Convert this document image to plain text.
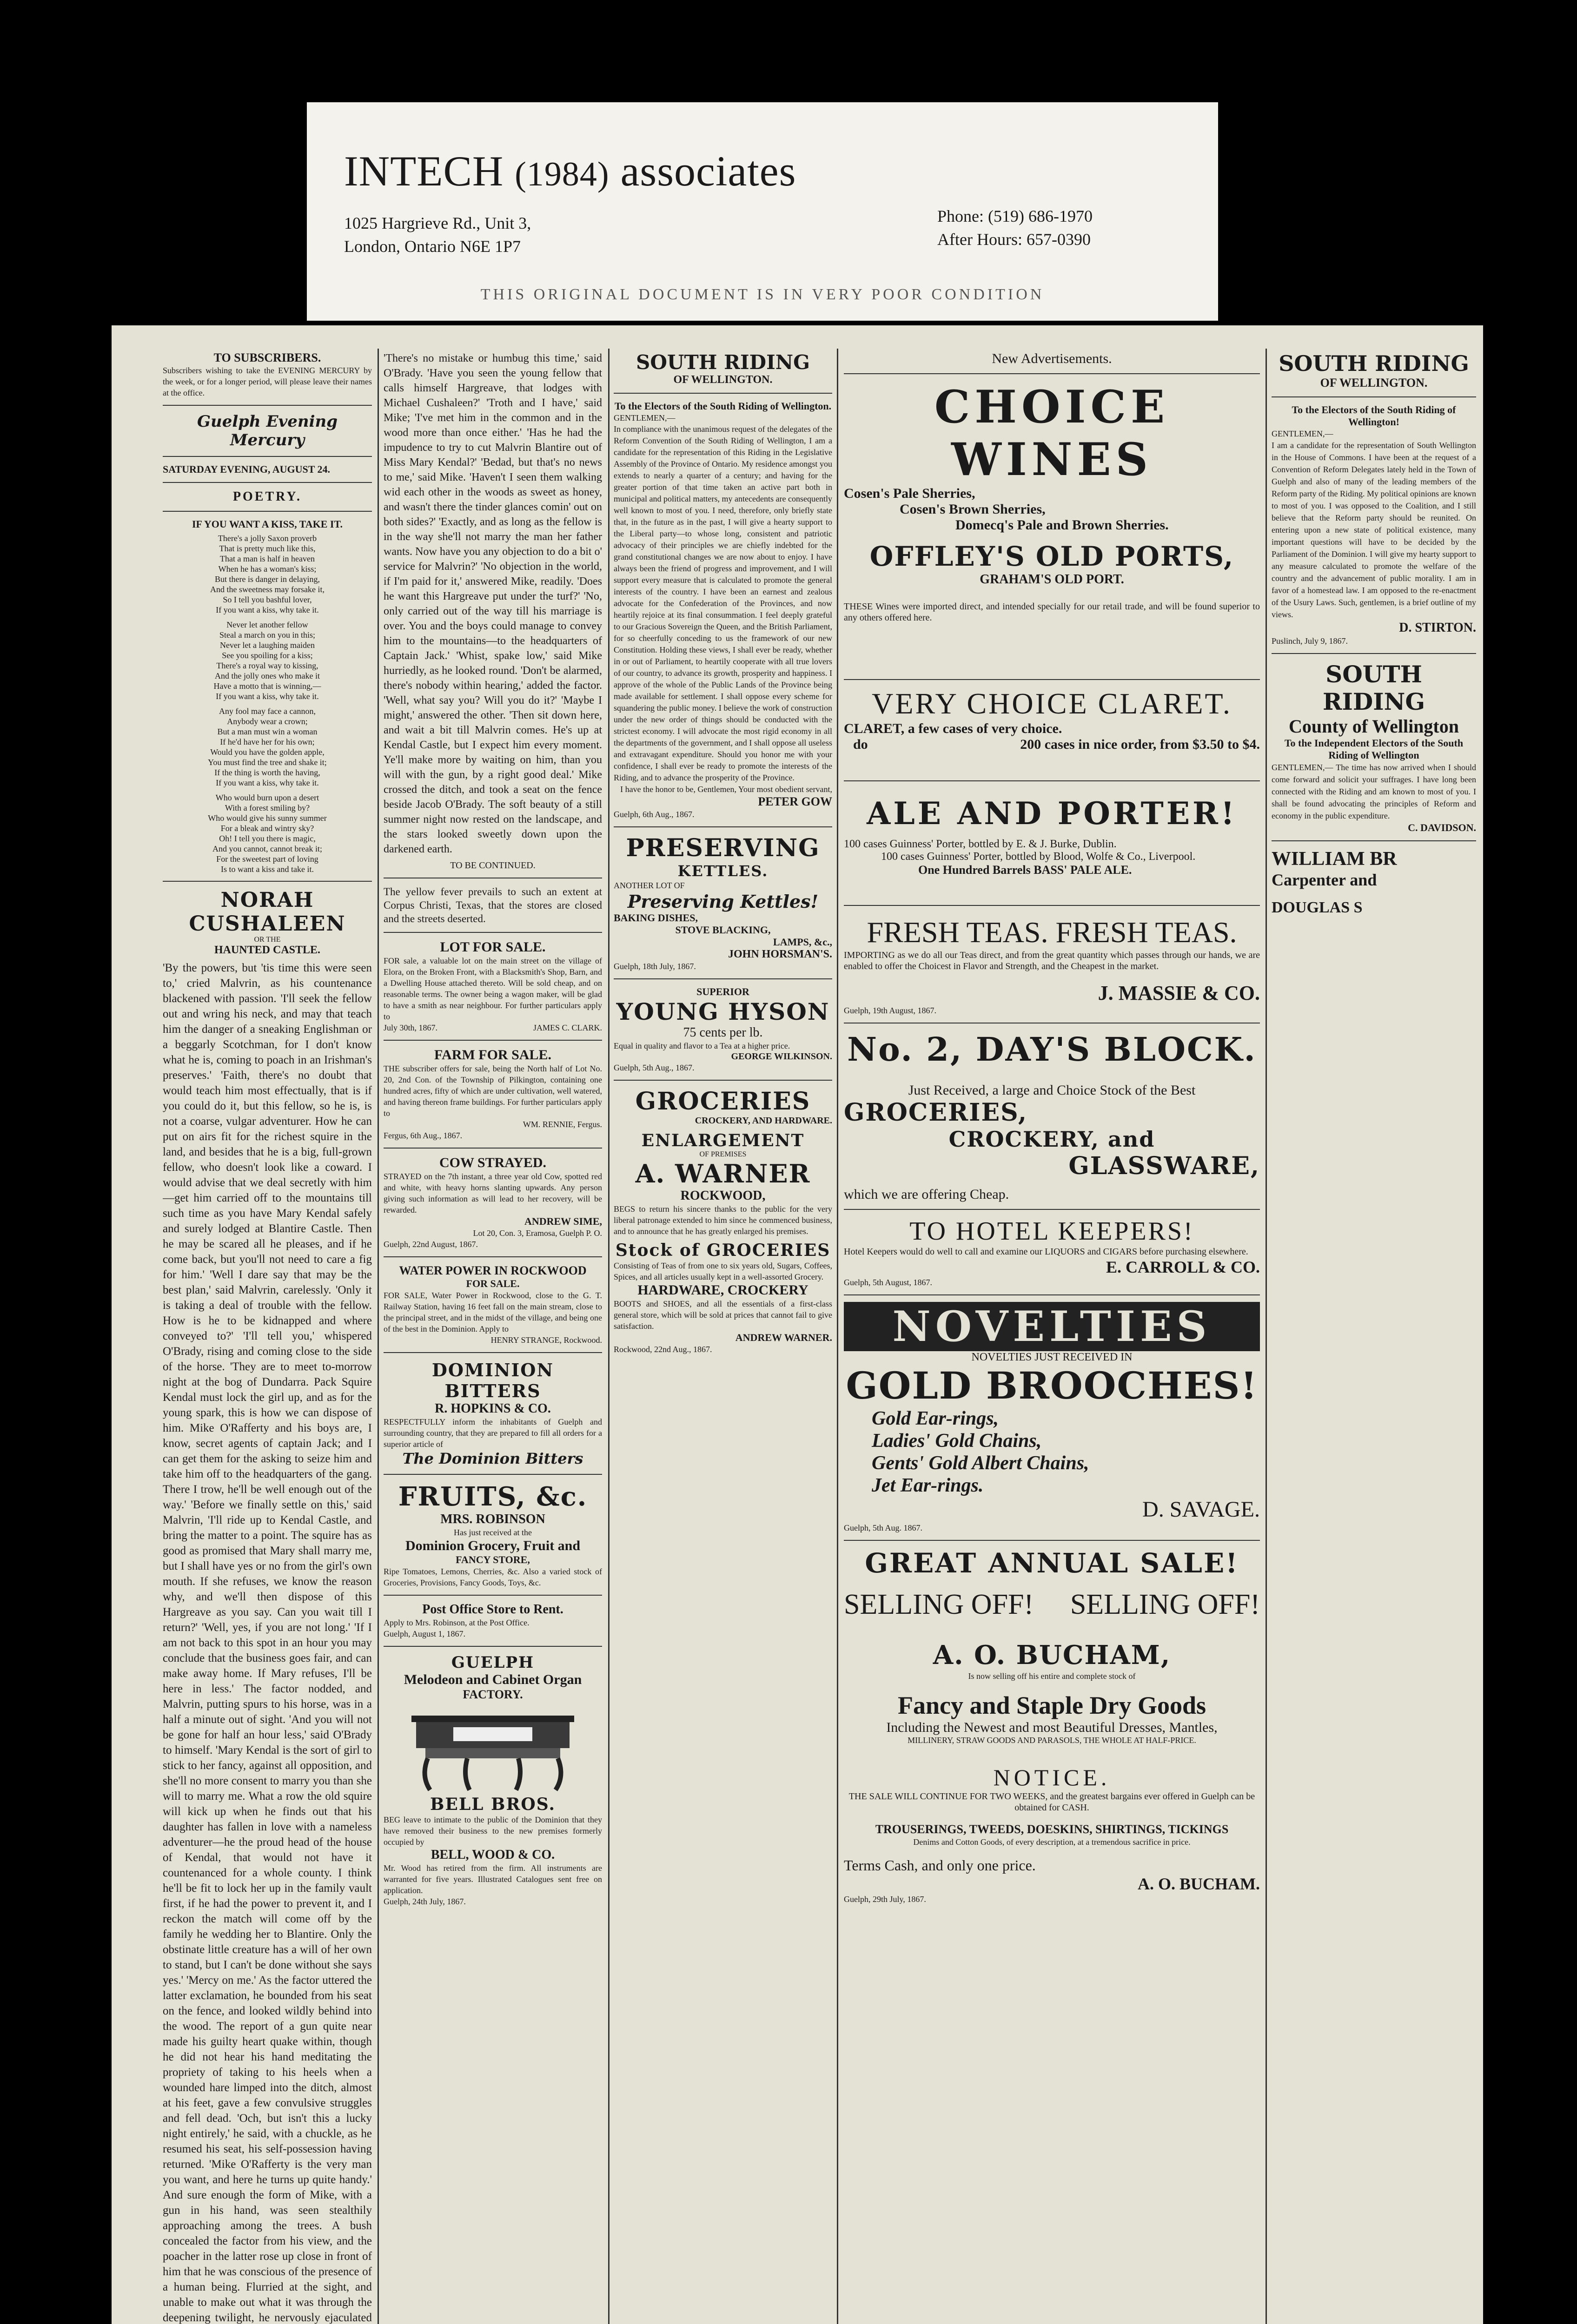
INTECH (1984) associates
1025 Hargrieve Rd., Unit 3,
London, Ontario N6E 1P7
Phone: (519) 686-1970
After Hours: 657-0390
THIS ORIGINAL DOCUMENT IS IN VERY POOR CONDITION
TO SUBSCRIBERS.
Subscribers wishing to take the EVENING MERCURY by the week, or for a longer period, will please leave their names at the office.
Guelph Evening Mercury
SATURDAY EVENING, AUGUST 24.
POETRY.
IF YOU WANT A KISS, TAKE IT.
There's a jolly Saxon proverb
That is pretty much like this,
That a man is half in heaven
When he has a woman's kiss;
But there is danger in delaying,
And the sweetness may forsake it,
So I tell you bashful lover,
If you want a kiss, why take it.
Never let another fellow
Steal a march on you in this;
Never let a laughing maiden
See you spoiling for a kiss;
There's a royal way to kissing,
And the jolly ones who make it
Have a motto that is winning,—
If you want a kiss, why take it.
Any fool may face a cannon,
Anybody wear a crown;
But a man must win a woman
If he'd have her for his own;
Would you have the golden apple,
You must find the tree and shake it;
If the thing is worth the having,
If you want a kiss, why take it.
Who would burn upon a desert
With a forest smiling by?
Who would give his sunny summer
For a bleak and wintry sky?
Oh! I tell you there is magic,
And you cannot, cannot break it;
For the sweetest part of loving
Is to want a kiss and take it.
NORAH CUSHALEEN
OR THE
HAUNTED CASTLE.
'By the powers, but 'tis time this were seen to,' cried Malvrin, as his countenance blackened with passion. 'I'll seek the fellow out and wring his neck, and may that teach him the danger of a sneaking Englishman or a beggarly Scotchman, for I don't know what he is, coming to poach in an Irishman's preserves.' 'Faith, there's no doubt that would teach him most effectually, that is if you could do it, but this fellow, so he is, is not a coarse, vulgar adventurer. How he can put on airs fit for the richest squire in the land, and besides that he is a big, full-grown fellow, who doesn't look like a coward. I would advise that we deal secretly with him—get him carried off to the mountains till such time as you have Mary Kendal safely and surely lodged at Blantire Castle. Then he may be scared all he pleases, and if he come back, but you'll not need to care a fig for him.' 'Well I dare say that may be the best plan,' said Malvrin, carelessly. 'Only it is taking a deal of trouble with the fellow. How is he to be kidnapped and where conveyed to?' 'I'll tell you,' whispered O'Brady, rising and coming close to the side of the horse. 'They are to meet to-morrow night at the bog of Dundarra. Pack Squire Kendal must lock the girl up, and as for the young spark, this is how we can dispose of him. Mike O'Rafferty and his boys are, I know, secret agents of captain Jack; and I can get them for the asking to seize him and take him off to the headquarters of the gang. There I trow, he'll be well enough out of the way.' 'Before we finally settle on this,' said Malvrin, 'I'll ride up to Kendal Castle, and bring the matter to a point. The squire has as good as promised that Mary shall marry me, but I shall have yes or no from the girl's own mouth. If she refuses, we know the reason why, and we'll then dispose of this Hargreave as you say. Can you wait till I return?' 'Well, yes, if you are not long.' 'If I am not back to this spot in an hour you may conclude that the business goes fair, and can make away home. If Mary refuses, I'll be here in less.' The factor nodded, and Malvrin, putting spurs to his horse, was in a half a minute out of sight. 'And you will not be gone for half an hour less,' said O'Brady to himself. 'Mary Kendal is the sort of girl to stick to her fancy, against all opposition, and she'll no more consent to marry you than she will to marry me. What a row the old squire will kick up when he finds out that his daughter has fallen in love with a nameless adventurer—he the proud head of the house of Kendal, that would not have it countenanced for a whole county. I think he'll be fit to lock her up in the family vault first, if he had the power to prevent it, and I reckon the match will come off by the family he wedding her to Blantire. Only the obstinate little creature has a will of her own to stand, but I can't be done without she says yes.' 'Mercy on me.' As the factor uttered the latter exclamation, he bounded from his seat on the fence, and looked wildly behind into the wood. The report of a gun quite near made his guilty heart quake within, though he did not hear his hand meditating the propriety of taking to his heels when a wounded hare limped into the ditch, almost at his feet, gave a few convulsive struggles and fell dead. 'Och, but isn't this a lucky night entirely,' he said, with a chuckle, as he resumed his seat, his self-possession having returned. 'Mike O'Rafferty is the very man you want, and here he turns up quite handy.' And sure enough the form of Mike, with a gun in his hand, was seen stealthily approaching among the trees. A bush concealed the factor from his view, and the poacher in the latter rose up close in front of him that he was conscious of the presence of a human being. Flurried at the sight, and unable to make out what it was through the deepening twilight, he nervously ejaculated
'There's no mistake or humbug this time,' said O'Brady. 'Have you seen the young fellow that calls himself Hargreave, that lodges with Michael Cushaleen?' 'Troth and I have,' said Mike; 'I've met him in the common and in the wood more than once either.' 'Has he had the impudence to try to cut Malvrin Blantire out of Miss Mary Kendal?' 'Bedad, but that's no news to me,' said Mike. 'Haven't I seen them walking wid each other in the woods as sweet as honey, and wasn't there the tinder glances comin' out on both sides?' 'Exactly, and as long as the fellow is in the way she'll not marry the man her father wants. Now have you any objection to do a bit o' service for Malvrin?' 'No objection in the world, if I'm paid for it,' answered Mike, readily. 'Does he want this Hargreave put under the turf?' 'No, only carried out of the way till his marriage is over. You and the boys could manage to convey him to the mountains—to the headquarters of Captain Jack.' 'Whist, spake low,' said Mike hurriedly, as he looked round. 'Don't be alarmed, there's nobody within hearing,' added the factor. 'Well, what say you? Will you do it?' 'Maybe I might,' answered the other. 'Then sit down here, and wait a bit till Malvrin comes. He's up at Kendal Castle, but I expect him every moment. Ye'll make more by waiting on him, than you will with the gun, by a right good deal.' Mike crossed the ditch, and took a seat on the fence beside Jacob O'Brady. The soft beauty of a still summer night now rested on the landscape, and the stars looked sweetly down upon the darkened earth.
TO BE CONTINUED.
The yellow fever prevails to such an extent at Corpus Christi, Texas, that the stores are closed and the streets deserted.
LOT FOR SALE.
FOR sale, a valuable lot on the main street on the village of Elora, on the Broken Front, with a Blacksmith's Shop, Barn, and a Dwelling House attached thereto. Will be sold cheap, and on reasonable terms. The owner being a wagon maker, will be glad to have a smith as near neighbour. For further particulars apply to
July 30th, 1867.	JAMES C. CLARK.
FARM FOR SALE.
THE subscriber offers for sale, being the North half of Lot No. 20, 2nd Con. of the Township of Pilkington, containing one hundred acres, fifty of which are under cultivation, well watered, and having thereon frame buildings. For further particulars apply to
WM. RENNIE, Fergus.
Fergus, 6th Aug., 1867.
COW STRAYED.
STRAYED on the 7th instant, a three year old Cow, spotted red and white, with heavy horns slanting upwards. Any person giving such information as will lead to her recovery, will be rewarded.
ANDREW SIME,
Lot 20, Con. 3, Eramosa, Guelph P. O.
Guelph, 22nd August, 1867.
WATER POWER IN ROCKWOOD
FOR SALE.
FOR SALE, Water Power in Rockwood, close to the G. T. Railway Station, having 16 feet fall on the main stream, close to the principal street, and in the midst of the village, and being one of the best in the Dominion. Apply to
HENRY STRANGE, Rockwood.
DOMINION BITTERS
R. HOPKINS & CO.
RESPECTFULLY inform the inhabitants of Guelph and surrounding country, that they are prepared to fill all orders for a superior article of
The Dominion Bitters
FRUITS, &c.
MRS. ROBINSON
Has just received at the
Dominion Grocery, Fruit and
FANCY STORE,
Ripe Tomatoes, Lemons, Cherries, &c. Also a varied stock of Groceries, Provisions, Fancy Goods, Toys, &c.
Post Office Store to Rent.
Apply to Mrs. Robinson, at the Post Office.
Guelph, August 1, 1867.
GUELPH
Melodeon and Cabinet Organ
FACTORY.
BELL BROS.
BEG leave to intimate to the public of the Dominion that they have removed their business to the new premises formerly occupied by
BELL, WOOD & CO.
Mr. Wood has retired from the firm. All instruments are warranted for five years. Illustrated Catalogues sent free on application.
Guelph, 24th July, 1867.
SOUTH RIDING
OF WELLINGTON.
To the Electors of the South Riding of Wellington.
GENTLEMEN,—
In compliance with the unanimous request of the delegates of the Reform Convention of the South Riding of Wellington, I am a candidate for the representation of this Riding in the Legislative Assembly of the Province of Ontario. My residence amongst you extends to nearly a quarter of a century; and having for the greater portion of that time taken an active part both in municipal and political matters, my antecedents are consequently well known to most of you. I need, therefore, only briefly state that, in the future as in the past, I will give a hearty support to the Liberal party—to whose long, consistent and patriotic advocacy of their principles we are chiefly indebted for the grand constitutional changes we are now about to enjoy. I have always been the friend of progress and improvement, and I will support every measure that is calculated to promote the general interests of the country. I have been an earnest and zealous advocate for the Confederation of the Provinces, and now heartily rejoice at its final consummation. I feel deeply grateful to our Gracious Sovereign the Queen, and the British Parliament, for so cheerfully conceding to us the framework of our new Constitution. Holding these views, I shall ever be ready, whether in or out of Parliament, to heartily cooperate with all true lovers of our country, to advance its growth, prosperity and happiness. I approve of the whole of the Public Lands of the Province being made available for settlement. I shall oppose every scheme for squandering the public money. I believe the work of construction under the new order of things should be conducted with the strictest economy. I will advocate the most rigid economy in all the departments of the government, and I shall oppose all useless and extravagant expenditure. Should you honor me with your confidence, I shall ever be ready to promote the interests of the Riding, and to advance the prosperity of the Province.
I have the honor to be, Gentlemen, Your most obedient servant,
PETER GOW
Guelph, 6th Aug., 1867.
PRESERVING
KETTLES.
ANOTHER LOT OF
Preserving Kettles!
BAKING DISHES,
STOVE BLACKING,
LAMPS, &c.,
JOHN HORSMAN'S.
Guelph, 18th July, 1867.
SUPERIOR
YOUNG HYSON
75 cents per lb.
Equal in quality and flavor to a Tea at a higher price.
GEORGE WILKINSON.
Guelph, 5th Aug., 1867.
GROCERIES
CROCKERY, AND HARDWARE.
ENLARGEMENT
OF PREMISES
A. WARNER
ROCKWOOD,
BEGS to return his sincere thanks to the public for the very liberal patronage extended to him since he commenced business, and to announce that he has greatly enlarged his premises.
Stock of GROCERIES
Consisting of Teas of from one to six years old, Sugars, Coffees, Spices, and all articles usually kept in a well-assorted Grocery.
HARDWARE, CROCKERY
BOOTS and SHOES, and all the essentials of a first-class general store, which will be sold at prices that cannot fail to give satisfaction.
ANDREW WARNER.
Rockwood, 22nd Aug., 1867.
New Advertisements.
CHOICE WINES
Cosen's Pale Sherries,
Cosen's Brown Sherries,
Domecq's Pale and Brown Sherries.
OFFLEY'S OLD PORTS,
GRAHAM'S OLD PORT.
THESE Wines were imported direct, and intended specially for our retail trade, and will be found superior to any others offered here.
VERY CHOICE CLARET.
CLARET, a few cases of very choice.
do	200 cases in nice order, from $3.50 to $4.
ALE AND PORTER!
100 cases Guinness' Porter, bottled by E. & J. Burke, Dublin.
100 cases Guinness' Porter, bottled by Blood, Wolfe & Co., Liverpool.
One Hundred Barrels BASS' PALE ALE.
FRESH TEAS. FRESH TEAS.
IMPORTING as we do all our Teas direct, and from the great quantity which passes through our hands, we are enabled to offer the Choicest in Flavor and Strength, and the Cheapest in the market.
J. MASSIE & CO.
Guelph, 19th August, 1867.
No. 2, DAY'S BLOCK.
Just Received, a large and Choice Stock of the Best
GROCERIES,
CROCKERY, and
GLASSWARE,
which we are offering Cheap.
TO HOTEL KEEPERS!
Hotel Keepers would do well to call and examine our LIQUORS and CIGARS before purchasing elsewhere.
E. CARROLL & CO.
Guelph, 5th August, 1867.
NOVELTIES
NOVELTIES JUST RECEIVED IN
GOLD BROOCHES!
Gold Ear-rings,
Ladies' Gold Chains,
Gents' Gold Albert Chains,
Jet Ear-rings.
D. SAVAGE.
Guelph, 5th Aug. 1867.
GREAT ANNUAL SALE!
SELLING OFF! SELLING OFF!
A. O. BUCHAM,
Is now selling off his entire and complete stock of
Fancy and Staple Dry Goods
Including the Newest and most Beautiful Dresses, Mantles,
MILLINERY, STRAW GOODS AND PARASOLS, THE WHOLE AT HALF-PRICE.
NOTICE.
THE SALE WILL CONTINUE FOR TWO WEEKS, and the greatest bargains ever offered in Guelph can be obtained for CASH.
TROUSERINGS, TWEEDS, DOESKINS, SHIRTINGS, TICKINGS
Denims and Cotton Goods, of every description, at a tremendous sacrifice in price.
Terms Cash, and only one price.
A. O. BUCHAM.
Guelph, 29th July, 1867.
SOUTH RIDING
OF WELLINGTON.
To the Electors of the South Riding of Wellington!
GENTLEMEN,—
I am a candidate for the representation of South Wellington in the House of Commons. I have been at the request of a Convention of Reform Delegates lately held in the Town of Guelph and also of many of the leading members of the Reform party of the Riding. My political opinions are known to most of you. I was opposed to the Coalition, and I still believe that the Reform party should be reunited. On entering upon a new state of political existence, many important questions will have to be decided by the Parliament of the Dominion. I will give my hearty support to any measure calculated to promote the welfare of the country and the advancement of public morality. I am in favor of a homestead law. I am opposed to the re-enactment of the Usury Laws. Such, gentlemen, is a brief outline of my views.
D. STIRTON.
Puslinch, July 9, 1867.
SOUTH RIDING
County of Wellington
To the Independent Electors of the South Riding of Wellington
GENTLEMEN,— The time has now arrived when I should come forward and solicit your suffrages. I have long been connected with the Riding and am known to most of you. I shall be found advocating the principles of Reform and economy in the public expenditure.
C. DAVIDSON.
WILLIAM BR
Carpenter and
DOUGLAS S
